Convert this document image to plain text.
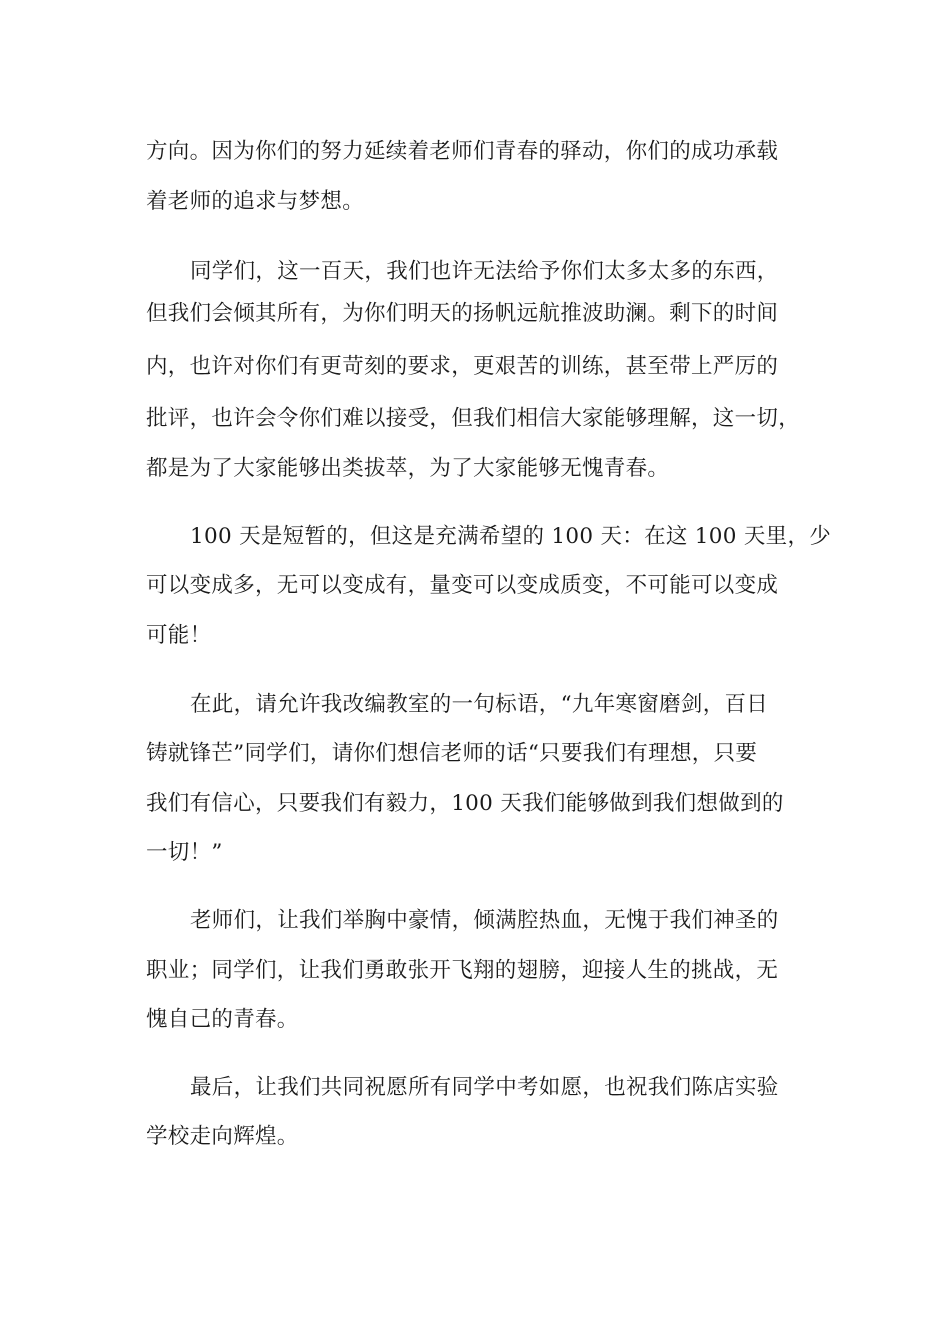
方向。因为你们的努力延续着老师们青春的驿动，你们的成功承载
着老师的追求与梦想。
同学们，这一百天，我们也许无法给予你们太多太多的东西，
但我们会倾其所有，为你们明天的扬帆远航推波助澜。剩下的时间
内，也许对你们有更苛刻的要求，更艰苦的训练，甚至带上严厉的
批评，也许会令你们难以接受，但我们相信大家能够理解，这一切，
都是为了大家能够出类拔萃，为了大家能够无愧青春。
100 天是短暂的，但这是充满希望的 100 天：在这 100 天里，少
可以变成多，无可以变成有，量变可以变成质变，不可能可以变成
可能！
在此，请允许我改编教室的一句标语，“九年寒窗磨剑，百日
铸就锋芒”同学们，请你们想信老师的话“只要我们有理想，只要
我们有信心，只要我们有毅力，100 天我们能够做到我们想做到的
一切！”
老师们，让我们举胸中豪情，倾满腔热血，无愧于我们神圣的
职业；同学们，让我们勇敢张开飞翔的翅膀，迎接人生的挑战，无
愧自己的青春。
最后，让我们共同祝愿所有同学中考如愿，也祝我们陈店实验
学校走向辉煌。
